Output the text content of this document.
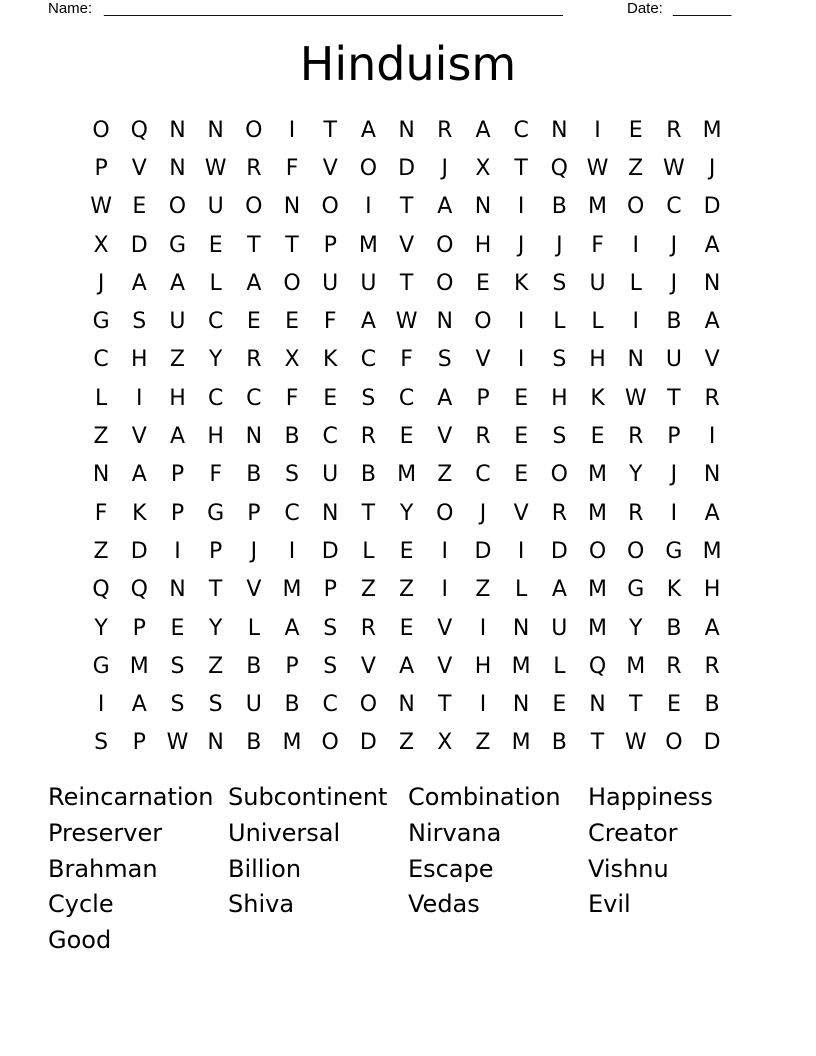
Name: _______________________________________________________	Date: _______
Hinduism
O Q N N O	I	T	A	N	R	A	C	N	I	E	R M
P	V	N W R	F	V O D	J	X	T	Q W Z W	J
W E	O U O N O	I	T	A	N	I	B M O C	D
X	D G	E	T	T	P	M V O H	J	J	F	I	J	A
J	A	A	L	A O U	U	T	O	E	K	S	U	L	J	N
G	S	U	C	E	E	F	A W N O	I	L	L	I	B	A
C	H	Z	Y	R	X	K	C	F	S	V	I	S	H N U	V
L	I	H	C	C	F	E	S	C	A	P	E	H	K W T	R
Z	V	A	H N	B	C	R	E	V	R	E	S	E	R	P	I
N	A	P	F	B	S	U	B M Z	C	E	O M Y	J	N
F	K	P	G	P	C	N	T	Y	O	J	V	R M R	I	A
Z	D	I	P	J	I	D	L	E	I	D	I	D O O G M
Q Q N	T	V M	P	Z	Z	I	Z	L	A M G	K	H
Y	P	E	Y	L	A	S	R	E	V	I	N U M Y	B	A
G M S	Z	B	P	S	V	A	V	H M	L	Q M R	R
I	A	S	S	U	B	C O N	T	I	N	E	N	T	E	B
S	P W N	B M O D	Z	X	Z M B	T W O D
Reincarnation Subcontinent Combination	Happiness
Preserver	Universal	Nirvana	Creator
Brahman	Billion	Escape	Vishnu
Cycle	Shiva	Vedas	Evil
Good
